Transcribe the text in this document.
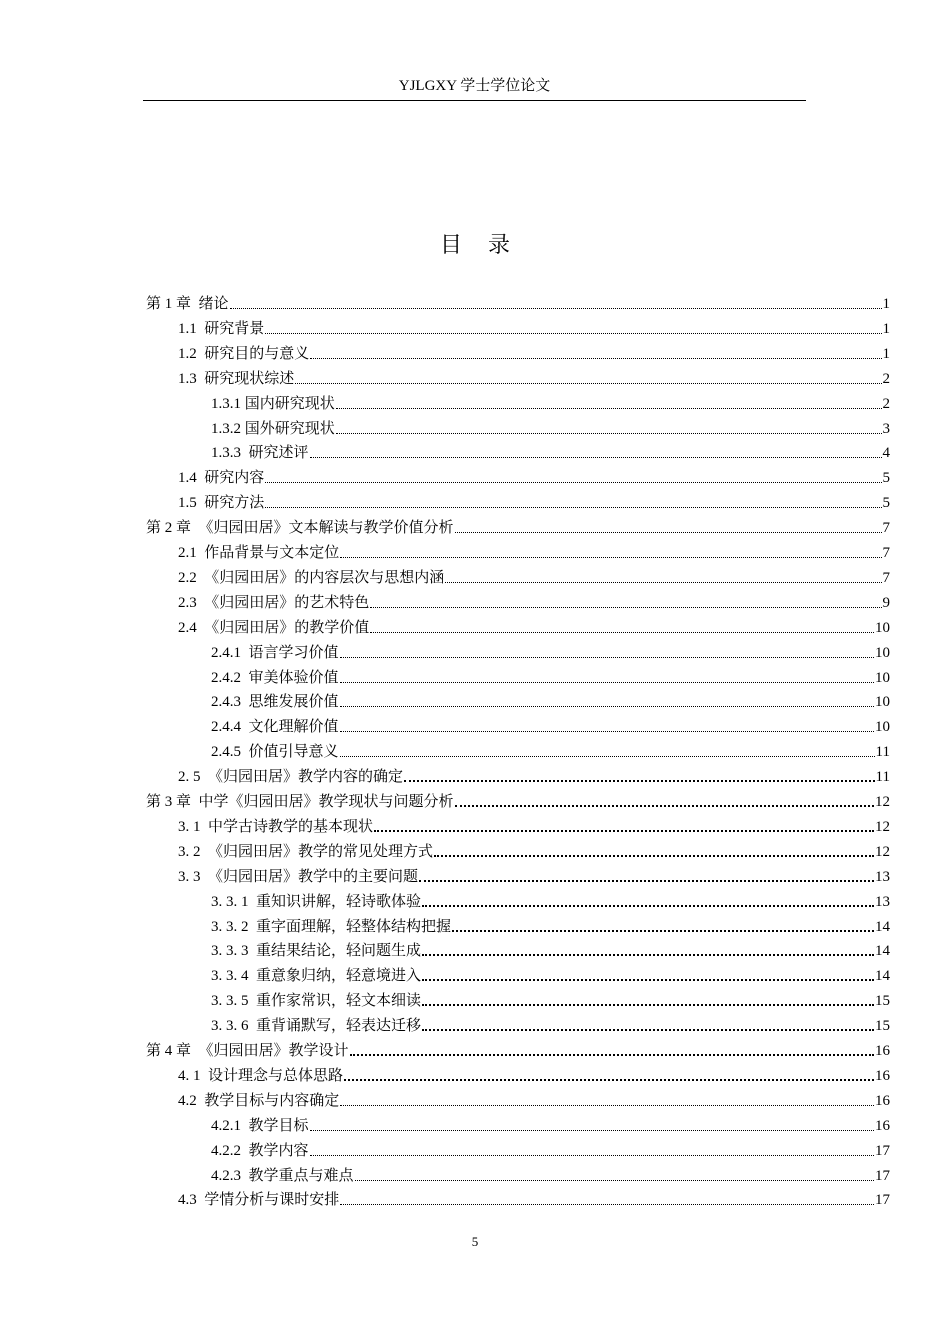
YJLGXY 学士学位论文
目录
第 1 章  绪论	1
1.1  研究背景	1
1.2  研究目的与意义	1
1.3  研究现状综述	2
1.3.1 国内研究现状	2
1.3.2 国外研究现状	3
1.3.3  研究述评	4
1.4  研究内容	5
1.5  研究方法	5
第 2 章  《归园田居》文本解读与教学价值分析	7
2.1  作品背景与文本定位	7
2.2  《归园田居》的内容层次与思想内涵	7
2.3  《归园田居》的艺术特色	9
2.4  《归园田居》的教学价值	10
2.4.1  语言学习价值	10
2.4.2  审美体验价值	10
2.4.3  思维发展价值	10
2.4.4  文化理解价值	10
2.4.5  价值引导意义	11
2. 5  《归园田居》教学内容的确定	11
第 3 章  中学《归园田居》教学现状与问题分析	12
3. 1  中学古诗教学的基本现状	12
3. 2  《归园田居》教学的常见处理方式	12
3. 3  《归园田居》教学中的主要问题	13
3. 3. 1  重知识讲解，轻诗歌体验	13
3. 3. 2  重字面理解，轻整体结构把握	14
3. 3. 3  重结果结论，轻问题生成	14
3. 3. 4  重意象归纳，轻意境进入	14
3. 3. 5  重作家常识，轻文本细读	15
3. 3. 6  重背诵默写，轻表达迁移	15
第 4 章  《归园田居》教学设计	16
4. 1  设计理念与总体思路	16
4.2  教学目标与内容确定	16
4.2.1  教学目标	16
4.2.2  教学内容	17
4.2.3  教学重点与难点	17
4.3  学情分析与课时安排	17
5
